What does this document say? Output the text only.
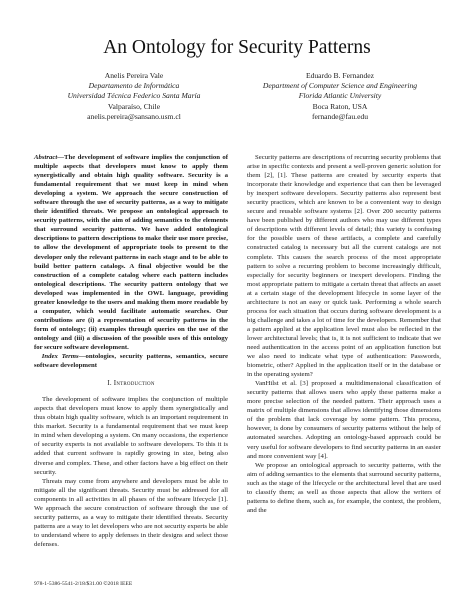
An Ontology for Security Patterns
Anelis Pereira Vale
Departamento de Informática
Universidad Técnica Federico Santa María
Valparaíso, Chile
anelis.pereira@sansano.usm.cl
Eduardo B. Fernandez
Department of Computer Science and Engineering
Florida Atlantic University
Boca Raton, USA
fernande@fau.edu

Abstract—The development of software implies the conjunction of multiple aspects that developers must know to apply them synergistically and obtain high quality software. Security is a fundamental requirement that we must keep in mind when developing a system. We approach the secure construction of software through the use of security patterns, as a way to mitigate their identified threats. We propose an ontological approach to security patterns, with the aim of adding semantics to the elements that surround security patterns. We have added ontological descriptions to pattern descriptions to make their use more precise, to allow the development of appropriate tools to present to the developer only the relevant patterns in each stage and to be able to build better pattern catalogs. A final objective would be the construction of a complete catalog where each pattern includes ontological descriptions. The security pattern ontology that we developed was implemented in the OWL language, providing greater knowledge to the users and making them more readable by a computer, which would facilitate automatic searches. Our contributions are (i) a representation of security patterns in the form of ontology; (ii) examples through queries on the use of the ontology and (iii) a discussion of the possible uses of this ontology for secure software development.

Index Terms—ontologies, security patterns, semantics, secure software development

I. Introduction

The development of software implies the conjunction of multiple aspects that developers must know to apply them synergistically and thus obtain high quality software, which is an important requirement in this market. Security is a fundamental requirement that we must keep in mind when developing a system. On many occasions, the experience of security experts is not available to software developers. To this it is added that current software is rapidly growing in size, being also diverse and complex. These, and other factors have a big effect on their security.

Threats may come from anywhere and developers must be able to mitigate all the significant threats. Security must be addressed for all components in all activities in all phases of the software lifecycle [1]. We approach the secure construction of software through the use of security patterns, as a way to mitigate their identified threats. Security patterns are a way to let developers who are not security experts be able to understand where to apply defenses in their designs and select those defenses.

Security patterns are descriptions of recurring security problems that arise in specific contexts and present a well-proven generic solution for them [2], [1]. These patterns are created by security experts that incorporate their knowledge and experience that can then be leveraged by inexpert software developers. Security patterns also represent best security practices, which are known to be a convenient way to design secure and reusable software systems [2]. Over 200 security patterns have been published by different authors who may use different types of descriptions with different levels of detail; this variety is confusing for the possible users of these artifacts, a complete and carefully constructed catalog is necessary but all the current catalogs are not complete. This causes the search process of the most appropriate pattern to solve a recurring problem to become increasingly difficult, especially for security beginners or inexpert developers. Finding the most appropriate pattern to mitigate a certain threat that affects an asset at a certain stage of the development lifecycle in some layer of the architecture is not an easy or quick task. Performing a whole search process for each situation that occurs during software development is a big challenge and takes a lot of time for the developers. Remember that a pattern applied at the application level must also be reflected in the lower architectural levels; that is, it is not sufficient to indicate that we need authentication in the access point of an application function but we also need to indicate what type of authentication: Passwords, biometric, other? Applied in the application itself or in the database or in the operating system?

VanHilst et al. [3] proposed a multidimensional classification of security patterns that allows users who apply these patterns make a more precise selection of the needed pattern. Their approach uses a matrix of multiple dimensions that allows identifying those dimensions of the problem that lack coverage by some pattern. This process, however, is done by consumers of security patterns without the help of automated searches. Adopting an ontology-based approach could be very useful for software developers to find security patterns in an easier and more convenient way [4].

We propose an ontological approach to security patterns, with the aim of adding semantics to the elements that surround security patterns, such as the stage of the lifecycle or the architectural level that are used to classify them; as well as those aspects that allow the writers of patterns to define them, such as, for example, the context, the problem, and the

978-1-5386-5541-2/18/$31.00 ©2018 IEEE
